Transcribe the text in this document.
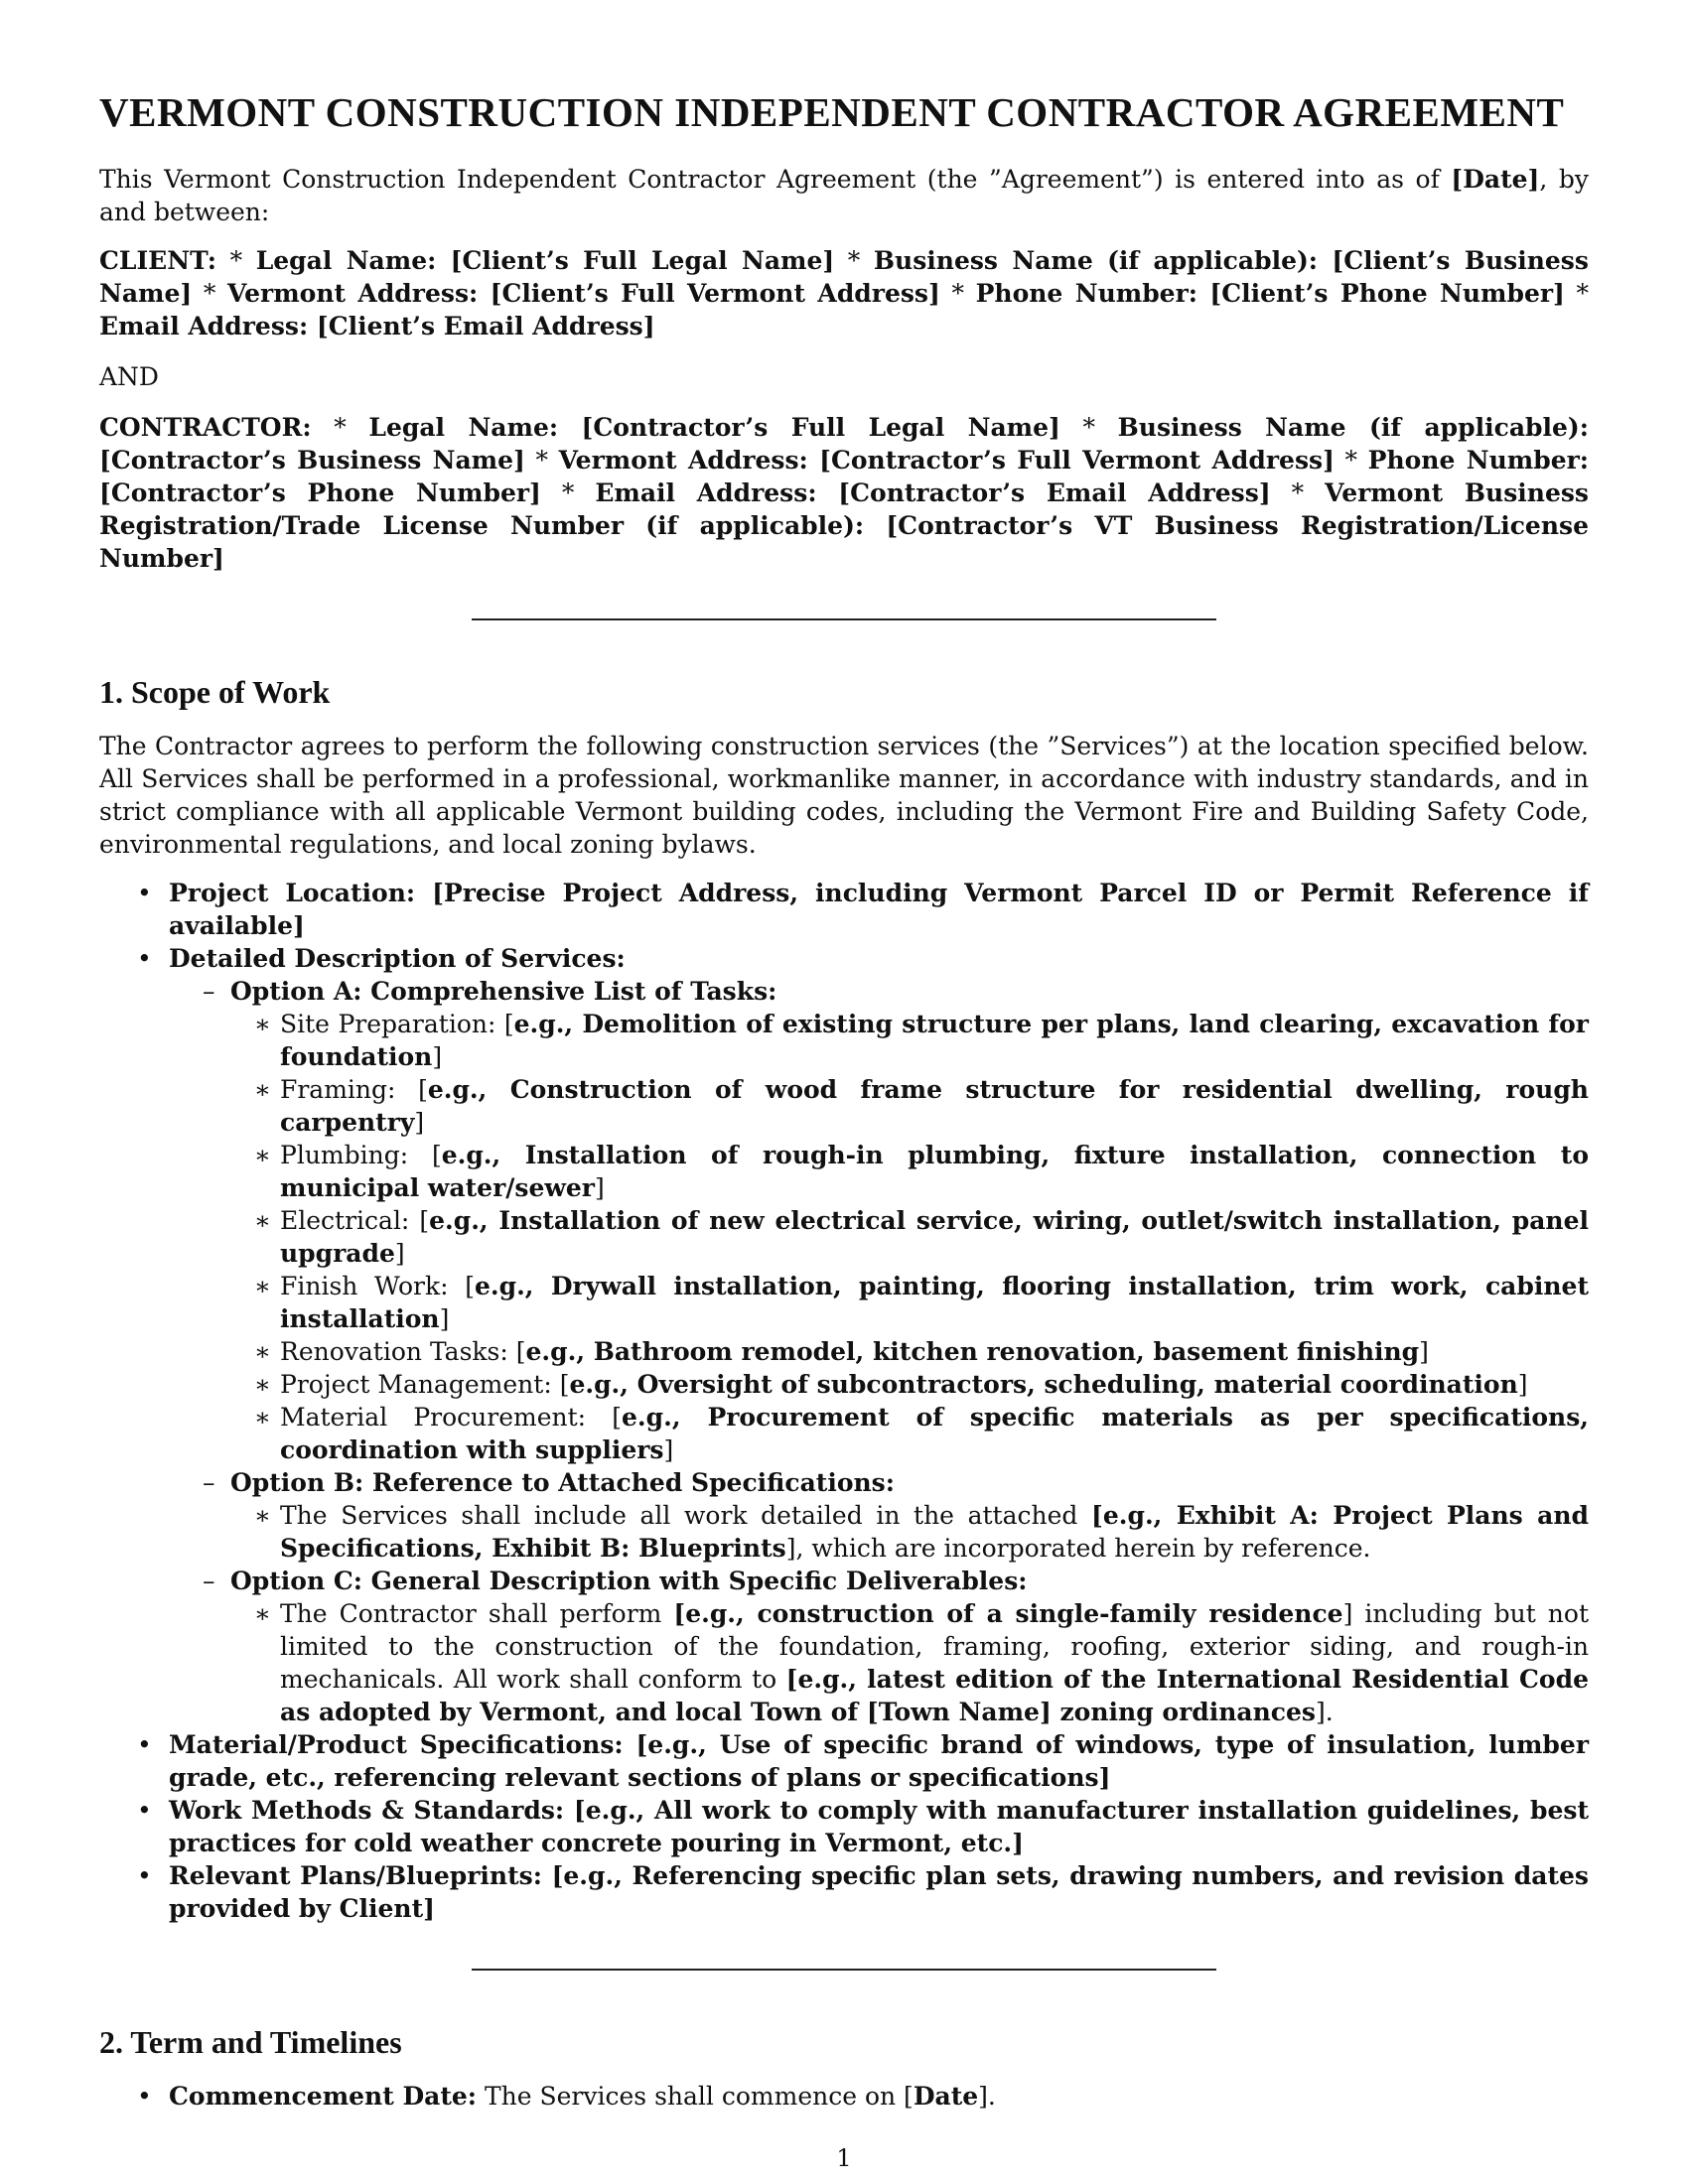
VERMONT CONSTRUCTION INDEPENDENT CONTRACTOR AGREEMENT

This Vermont Construction Independent Contractor Agreement (the ”Agreement”) is entered into as of [Date], by and between:

CLIENT: * Legal Name: [Client’s Full Legal Name] * Business Name (if applicable): [Client’s Business Name] * Vermont Address: [Client’s Full Vermont Address] * Phone Number: [Client’s Phone Number] * Email Address: [Client’s Email Address]

AND

CONTRACTOR: * Legal Name: [Contractor’s Full Legal Name] * Business Name (if applicable): [Contractor’s Business Name] * Vermont Address: [Contractor’s Full Vermont Address] * Phone Number: [Contractor’s Phone Number] * Email Address: [Contractor’s Email Address] * Vermont Business Registration/Trade License Number (if applicable): [Contractor’s VT Business Registration/License Number]

1. Scope of Work

The Contractor agrees to perform the following construction services (the ”Services”) at the location specified below. All Services shall be performed in a professional, workmanlike manner, in accordance with industry standards, and in strict compliance with all applicable Vermont building codes, including the Vermont Fire and Building Safety Code, environmental regulations, and local zoning bylaws.

• Project Location: [Precise Project Address, including Vermont Parcel ID or Permit Reference if available]
• Detailed Description of Services:
– Option A: Comprehensive List of Tasks:
∗ Site Preparation: [e.g., Demolition of existing structure per plans, land clearing, excavation for foundation]
∗ Framing: [e.g., Construction of wood frame structure for residential dwelling, rough carpentry]
∗ Plumbing: [e.g., Installation of rough-in plumbing, fixture installation, connection to municipal water/sewer]
∗ Electrical: [e.g., Installation of new electrical service, wiring, outlet/switch installation, panel upgrade]
∗ Finish Work: [e.g., Drywall installation, painting, flooring installation, trim work, cabinet installation]
∗ Renovation Tasks: [e.g., Bathroom remodel, kitchen renovation, basement finishing]
∗ Project Management: [e.g., Oversight of subcontractors, scheduling, material coordination]
∗ Material Procurement: [e.g., Procurement of specific materials as per specifications, coordination with suppliers]
– Option B: Reference to Attached Specifications:
∗ The Services shall include all work detailed in the attached [e.g., Exhibit A: Project Plans and Specifications, Exhibit B: Blueprints], which are incorporated herein by reference.
– Option C: General Description with Specific Deliverables:
∗ The Contractor shall perform [e.g., construction of a single-family residence] including but not limited to the construction of the foundation, framing, roofing, exterior siding, and rough-in mechanicals. All work shall conform to [e.g., latest edition of the International Residential Code as adopted by Vermont, and local Town of [Town Name] zoning ordinances].
• Material/Product Specifications: [e.g., Use of specific brand of windows, type of insulation, lumber grade, etc., referencing relevant sections of plans or specifications]
• Work Methods & Standards: [e.g., All work to comply with manufacturer installation guidelines, best practices for cold weather concrete pouring in Vermont, etc.]
• Relevant Plans/Blueprints: [e.g., Referencing specific plan sets, drawing numbers, and revision dates provided by Client]
2. Term and Timelines
• Commencement Date: The Services shall commence on [Date].
1
